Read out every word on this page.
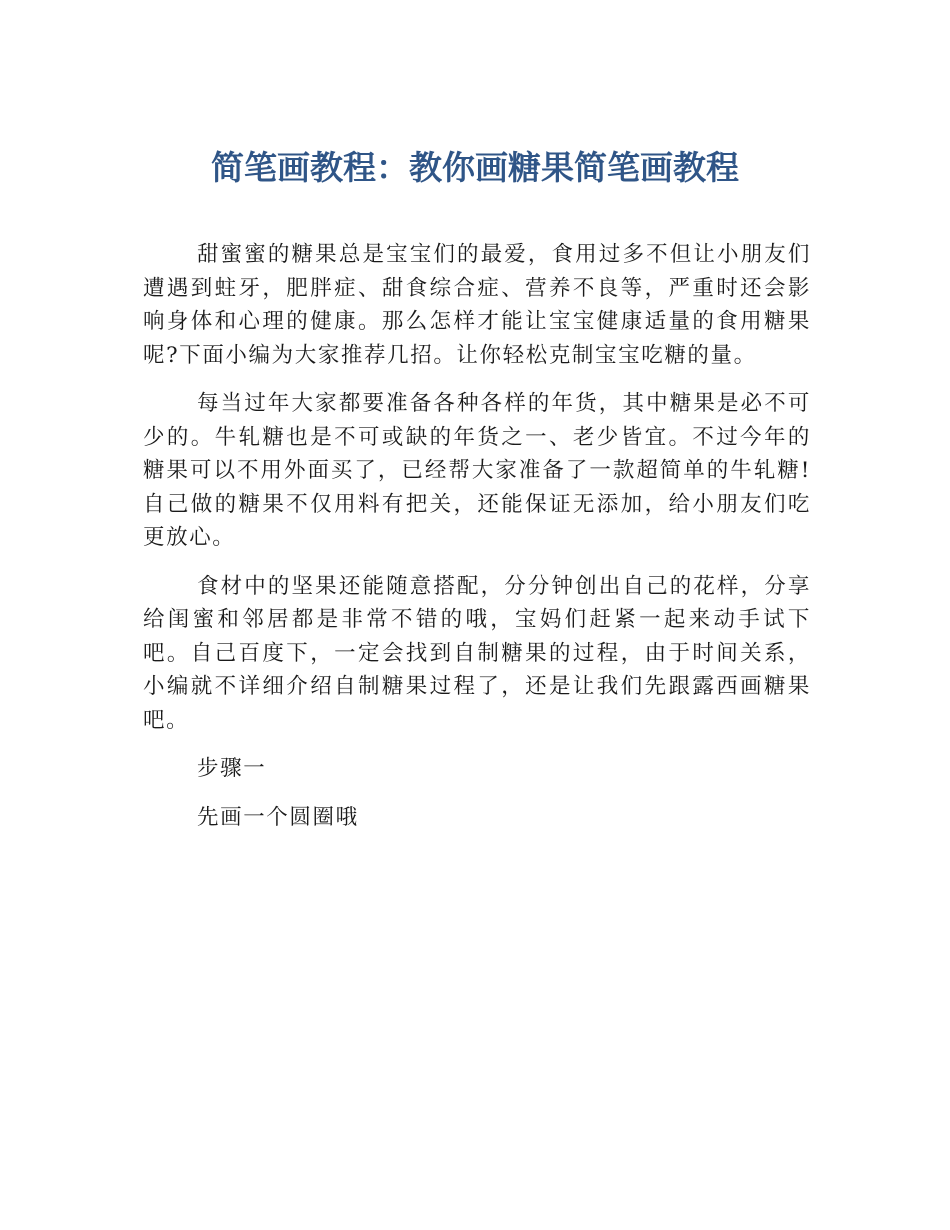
简笔画教程：教你画糖果简笔画教程

甜蜜蜜的糖果总是宝宝们的最爱，食用过多不但让小朋友们遭遇到蛀牙，肥胖症、甜食综合症、营养不良等，严重时还会影响身体和心理的健康。那么怎样才能让宝宝健康适量的食用糖果呢?下面小编为大家推荐几招。让你轻松克制宝宝吃糖的量。

每当过年大家都要准备各种各样的年货，其中糖果是必不可少的。牛轧糖也是不可或缺的年货之一、老少皆宜。不过今年的糖果可以不用外面买了，已经帮大家准备了一款超简单的牛轧糖!自己做的糖果不仅用料有把关，还能保证无添加，给小朋友们吃更放心。

食材中的坚果还能随意搭配，分分钟创出自己的花样，分享给闺蜜和邻居都是非常不错的哦，宝妈们赶紧一起来动手试下吧。自己百度下，一定会找到自制糖果的过程，由于时间关系，小编就不详细介绍自制糖果过程了，还是让我们先跟露西画糖果吧。

步骤一

先画一个圆圈哦
